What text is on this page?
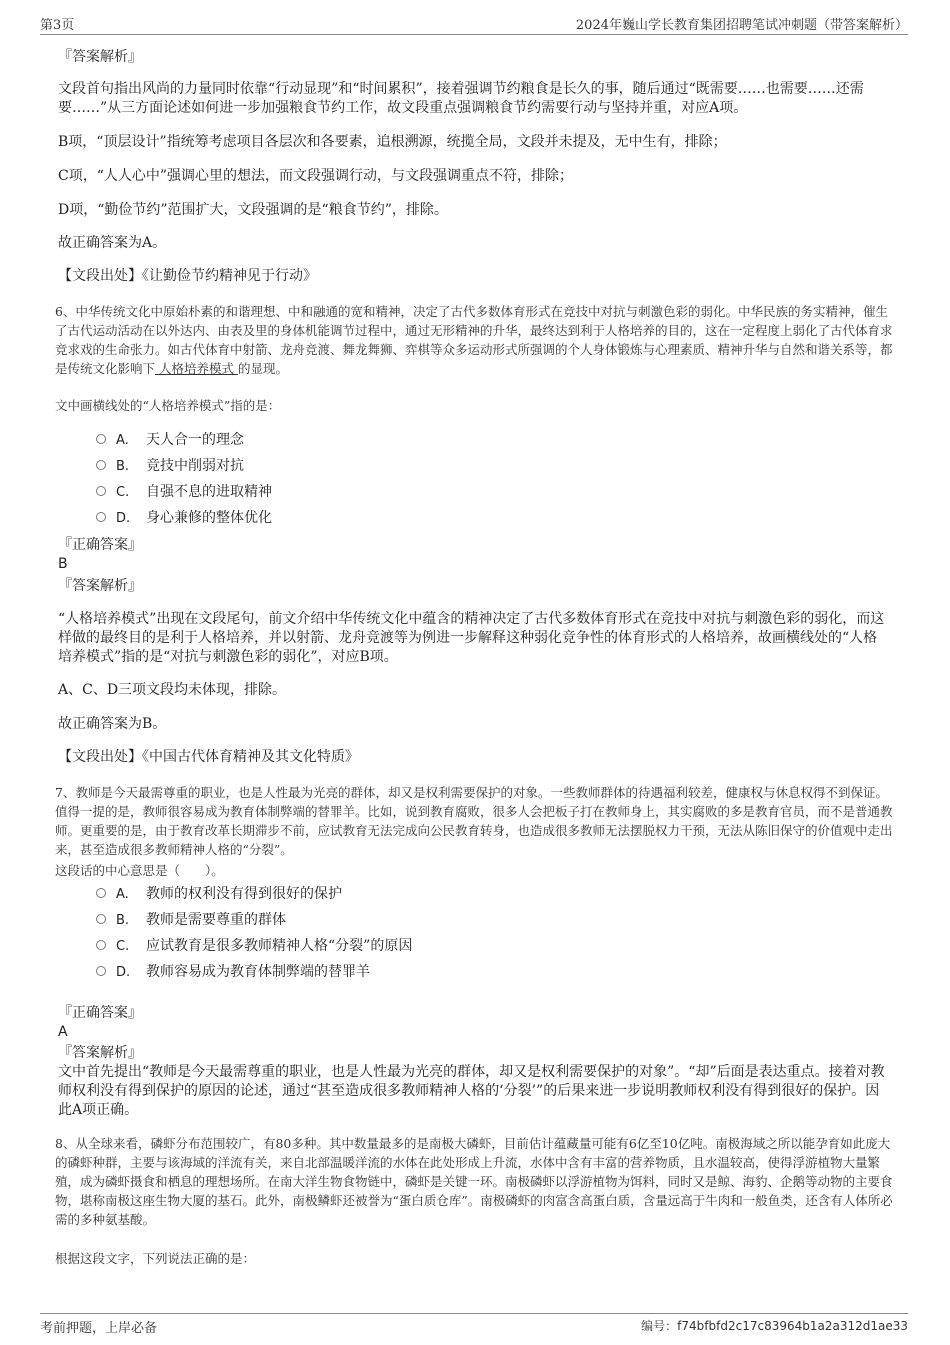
第3页	2024年巍山学长教育集团招聘笔试冲刺题（带答案解析）
『答案解析』

文段首句指出风尚的力量同时依靠“行动显现”和“时间累积”，接着强调节约粮食是长久的事，随后通过“既需要……也需要……还需要……”从三方面论述如何进一步加强粮食节约工作，故文段重点强调粮食节约需要行动与坚持并重，对应A项。

B项，“顶层设计”指统筹考虑项目各层次和各要素，追根溯源，统揽全局，文段并未提及，无中生有，排除；

C项，“人人心中”强调心里的想法，而文段强调行动，与文段强调重点不符，排除；

D项，“勤俭节约”范围扩大，文段强调的是“粮食节约”，排除。

故正确答案为A。

【文段出处】《让勤俭节约精神见于行动》

6、中华传统文化中原始朴素的和谐理想、中和融通的宽和精神，决定了古代多数体育形式在竞技中对抗与刺激色彩的弱化。中华民族的务实精神，催生了古代运动活动在以外达内、由表及里的身体机能调节过程中，通过无形精神的升华，最终达到利于人格培养的目的，这在一定程度上弱化了古代体育求竞求戏的生命张力。如古代体育中射箭、龙舟竞渡、舞龙舞狮、弈棋等众多运动形式所强调的个人身体锻炼与心理素质、精神升华与自然和谐关系等，都是传统文化影响下 人格培养模式 的显现。

文中画横线处的“人格培养模式”指的是：

A. 天人合一的理念
B. 竞技中削弱对抗
C. 自强不息的进取精神
D. 身心兼修的整体优化
『正确答案』
B
『答案解析』

“人格培养模式”出现在文段尾句，前文介绍中华传统文化中蕴含的精神决定了古代多数体育形式在竞技中对抗与刺激色彩的弱化，而这样做的最终目的是利于人格培养，并以射箭、龙舟竞渡等为例进一步解释这种弱化竞争性的体育形式的人格培养，故画横线处的“人格培养模式”指的是“对抗与刺激色彩的弱化”，对应B项。

A、C、D三项文段均未体现，排除。

故正确答案为B。

【文段出处】《中国古代体育精神及其文化特质》

7、教师是今天最需尊重的职业，也是人性最为光亮的群体，却又是权利需要保护的对象。一些教师群体的待遇福利较差，健康权与休息权得不到保证。值得一提的是，教师很容易成为教育体制弊端的替罪羊。比如，说到教育腐败，很多人会把板子打在教师身上，其实腐败的多是教育官员，而不是普通教师。更重要的是，由于教育改革长期滞步不前，应试教育无法完成向公民教育转身，也造成很多教师无法摆脱权力干预，无法从陈旧保守的价值观中走出来，甚至造成很多教师精神人格的“分裂”。

这段话的中心意思是（　　）。

A. 教师的权利没有得到很好的保护
B. 教师是需要尊重的群体
C. 应试教育是很多教师精神人格“分裂”的原因
D. 教师容易成为教育体制弊端的替罪羊
『正确答案』
A
『答案解析』

文中首先提出“教师是今天最需尊重的职业，也是人性最为光亮的群体，却又是权利需要保护的对象”。“却”后面是表达重点。接着对教师权利没有得到保护的原因的论述，通过“甚至造成很多教师精神人格的‘分裂’”的后果来进一步说明教师权利没有得到很好的保护。因此A项正确。

8、从全球来看，磷虾分布范围较广，有80多种。其中数量最多的是南极大磷虾，目前估计蕴藏量可能有6亿至10亿吨。南极海域之所以能孕育如此庞大的磷虾种群，主要与该海域的洋流有关，来自北部温暖洋流的水体在此处形成上升流，水体中含有丰富的营养物质，且水温较高，使得浮游植物大量繁殖，成为磷虾摄食和栖息的理想场所。在南大洋生物食物链中，磷虾是关键一环。南极磷虾以浮游植物为饵料，同时又是鲸、海豹、企鹅等动物的主要食物，堪称南极这座生物大厦的基石。此外，南极鳞虾还被誉为“蛋白质仓库”。南极磷虾的肉富含高蛋白质，含量远高于牛肉和一般鱼类，还含有人体所必需的多种氨基酸。

根据这段文字，下列说法正确的是：

考前押题，上岸必备	编号：f74bfbfd2c17c83964b1a2a312d1ae33
